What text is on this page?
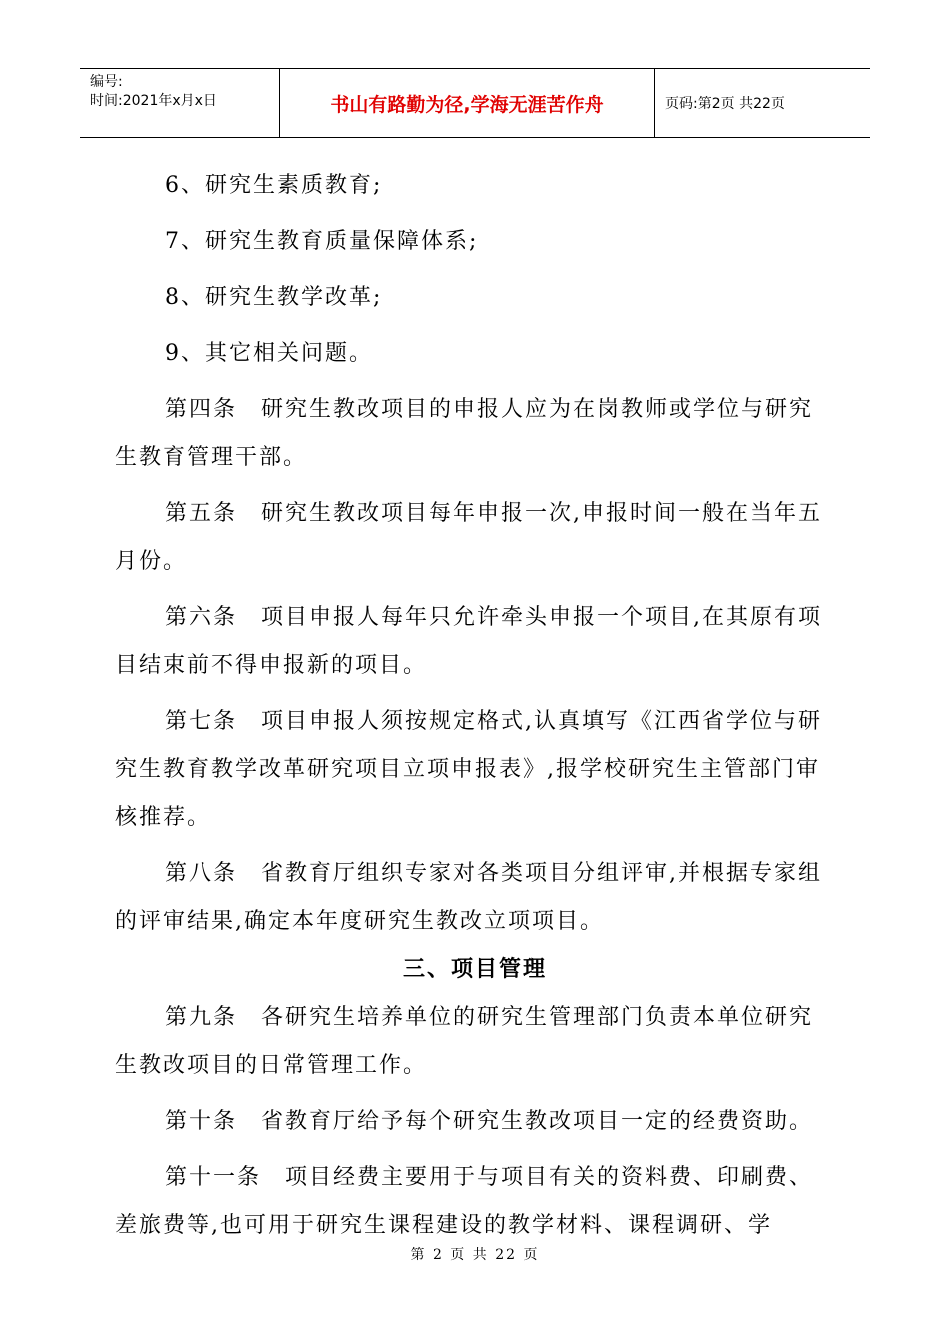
编号:
时间:2021年x月x日	书山有路勤为径,学海无涯苦作舟	页码:第2页 共22页

6、研究生素质教育;

7、研究生教育质量保障体系;

8、研究生教学改革;

9、其它相关问题。

第四条　研究生教改项目的申报人应为在岗教师或学位与研究生教育管理干部。

第五条　研究生教改项目每年申报一次,申报时间一般在当年五月份。

第六条　项目申报人每年只允许牵头申报一个项目,在其原有项目结束前不得申报新的项目。

第七条　项目申报人须按规定格式,认真填写《江西省学位与研究生教育教学改革研究项目立项申报表》,报学校研究生主管部门审核推荐。

第八条　省教育厅组织专家对各类项目分组评审,并根据专家组的评审结果,确定本年度研究生教改立项项目。

三、项目管理

第九条　各研究生培养单位的研究生管理部门负责本单位研究生教改项目的日常管理工作。

第十条　省教育厅给予每个研究生教改项目一定的经费资助。

第十一条　项目经费主要用于与项目有关的资料费、印刷费、差旅费等,也可用于研究生课程建设的教学材料、课程调研、学

第 2 页 共 22 页
